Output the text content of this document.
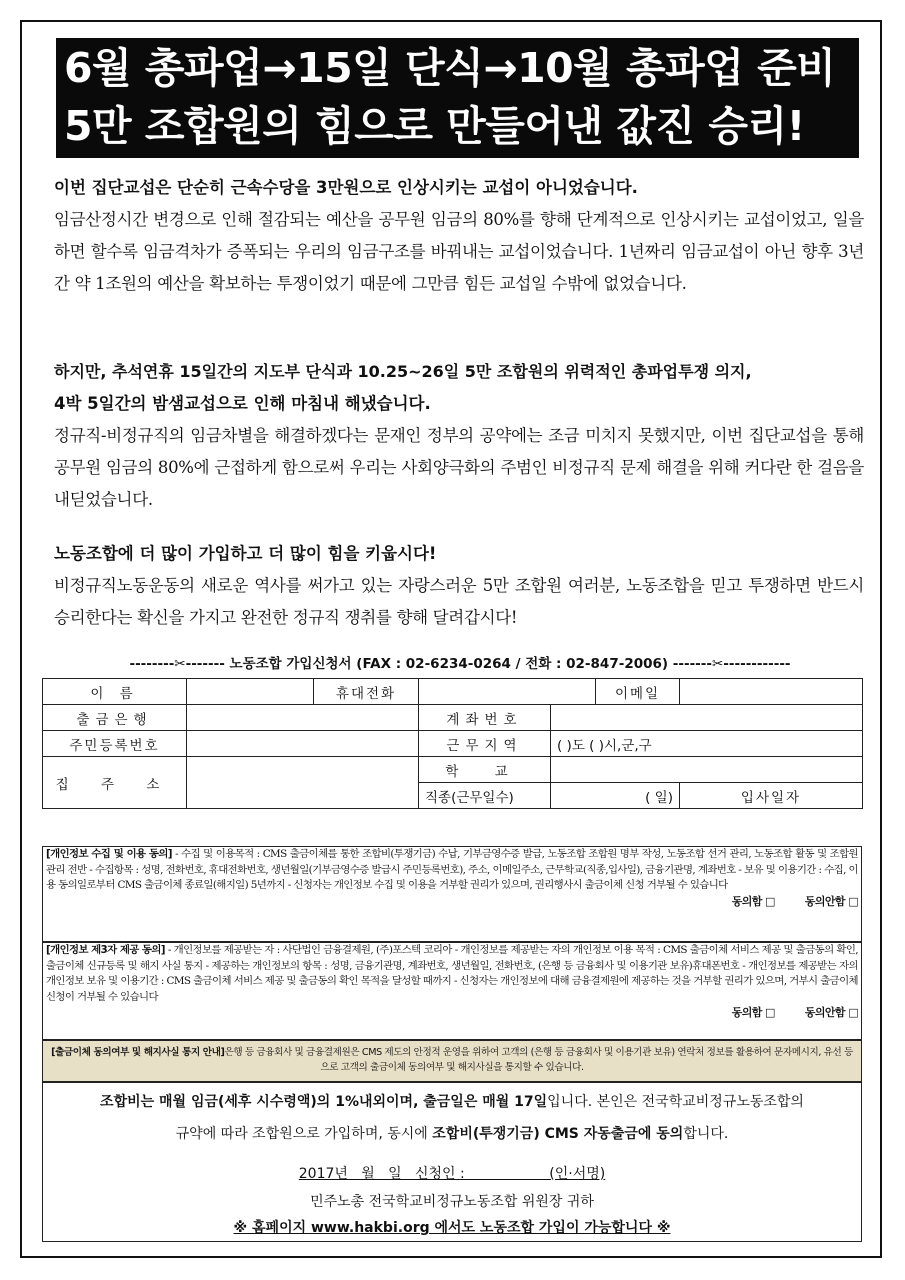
6월 총파업→15일 단식→10월 총파업 준비
5만 조합원의 힘으로 만들어낸 값진 승리!
이번 집단교섭은 단순히 근속수당을 3만원으로 인상시키는 교섭이 아니었습니다.
임금산정시간 변경으로 인해 절감되는 예산을 공무원 임금의 80%를 향해 단계적으로 인상시키는 교섭이었고, 일을 하면 할수록 임금격차가 증폭되는 우리의 임금구조를 바꿔내는 교섭이었습니다. 1년짜리 임금교섭이 아닌 향후 3년간 약 1조원의 예산을 확보하는 투쟁이었기 때문에 그만큼 힘든 교섭일 수밖에 없었습니다.
하지만, 추석연휴 15일간의 지도부 단식과 10.25~26일 5만 조합원의 위력적인 총파업투쟁 의지,
4박 5일간의 밤샘교섭으로 인해 마침내 해냈습니다.
정규직-비정규직의 임금차별을 해결하겠다는 문재인 정부의 공약에는 조금 미치지 못했지만, 이번 집단교섭을 통해 공무원 임금의 80%에 근접하게 함으로써 우리는 사회양극화의 주범인 비정규직 문제 해결을 위해 커다란 한 걸음을 내딛었습니다.
노동조합에 더 많이 가입하고 더 많이 힘을 키웁시다!
비정규직노동운동의 새로운 역사를 써가고 있는 자랑스러운 5만 조합원 여러분, 노동조합을 믿고 투쟁하면 반드시 승리한다는 확신을 가지고 완전한 정규직 쟁취를 향해 달려갑시다!
--------✂------- 노동조합 가입신청서 (FAX : 02-6234-0264 / 전화 : 02-847-2006) -------✂------------
이 름		휴대전화			이메일		
출금은행			계좌번호				
주민등록번호			근무지역	( )도 ( )시,군,구			
집 주 소			학 교				
			직종(근무일수)	( 일)		입사일자	
[개인정보 수집 및 이용 동의] - 수집 및 이용목적 : CMS 출금이체를 통한 조합비(투쟁기금) 수납, 기부금영수증 발급, 노동조합 조합원 명부 작성, 노동조합 선거 관리, 노동조합 활동 및 조합원 관리 전반 - 수집항목 : 성명, 전화번호, 휴대전화번호, 생년월일(기부금영수증 발급시 주민등록번호), 주소, 이메일주소, 근무학교(직종,입사일), 금융기관명, 계좌번호 - 보유 및 이용기간 : 수집, 이용 동의일로부터 CMS 출금이체 종료일(해지일) 5년까지 - 신청자는 개인정보 수집 및 이용을 거부할 권리가 있으며, 권리행사시 출금이체 신청 거부될 수 있습니다
동의함 □	동의안함 □
[개인정보 제3자 제공 동의] - 개인정보를 제공받는 자 : 사단법인 금융결제원, (주)포스텍 코리아 - 개인정보를 제공받는 자의 개인정보 이용 목적 : CMS 출금이체 서비스 제공 및 출금동의 확인, 출금이체 신규등록 및 해지 사실 통지 - 제공하는 개인정보의 항목 : 성명, 금융기관명, 계좌번호, 생년월일, 전화번호, (은행 등 금융회사 및 이용기관 보유)휴대폰번호 - 개인정보를 제공받는 자의 개인정보 보유 및 이용기간 : CMS 출금이체 서비스 제공 및 출금동의 확인 목적을 달성할 때까지 - 신청자는 개인정보에 대해 금융결제원에 제공하는 것을 거부할 권리가 있으며, 거부시 출금이체 신청이 거부될 수 있습니다
동의함 □	동의안함 □
[출금이체 동의여부 및 해지사실 통지 안내]은행 등 금융회사 및 금융결제원은 CMS 제도의 안정적 운영을 위하여 고객의 (은행 등 금융회사 및 이용기관 보유) 연락처 정보를 활용하여 문자메시지, 유선 등으로 고객의 출금이체 동의여부 및 해지사실을 통지할 수 있습니다.
조합비는 매월 임금(세후 시수령액)의 1%내외이며, 출금일은 매월 17일입니다. 본인은 전국학교비정규노동조합의
규약에 따라 조합원으로 가입하며, 동시에 조합비(투쟁기금) CMS 자동출금에 동의합니다.
2017년   월   일   신청인 :                   (인·서명)
민주노총 전국학교비정규노동조합 위원장 귀하
※ 홈페이지 www.hakbi.org 에서도 노동조합 가입이 가능합니다 ※
